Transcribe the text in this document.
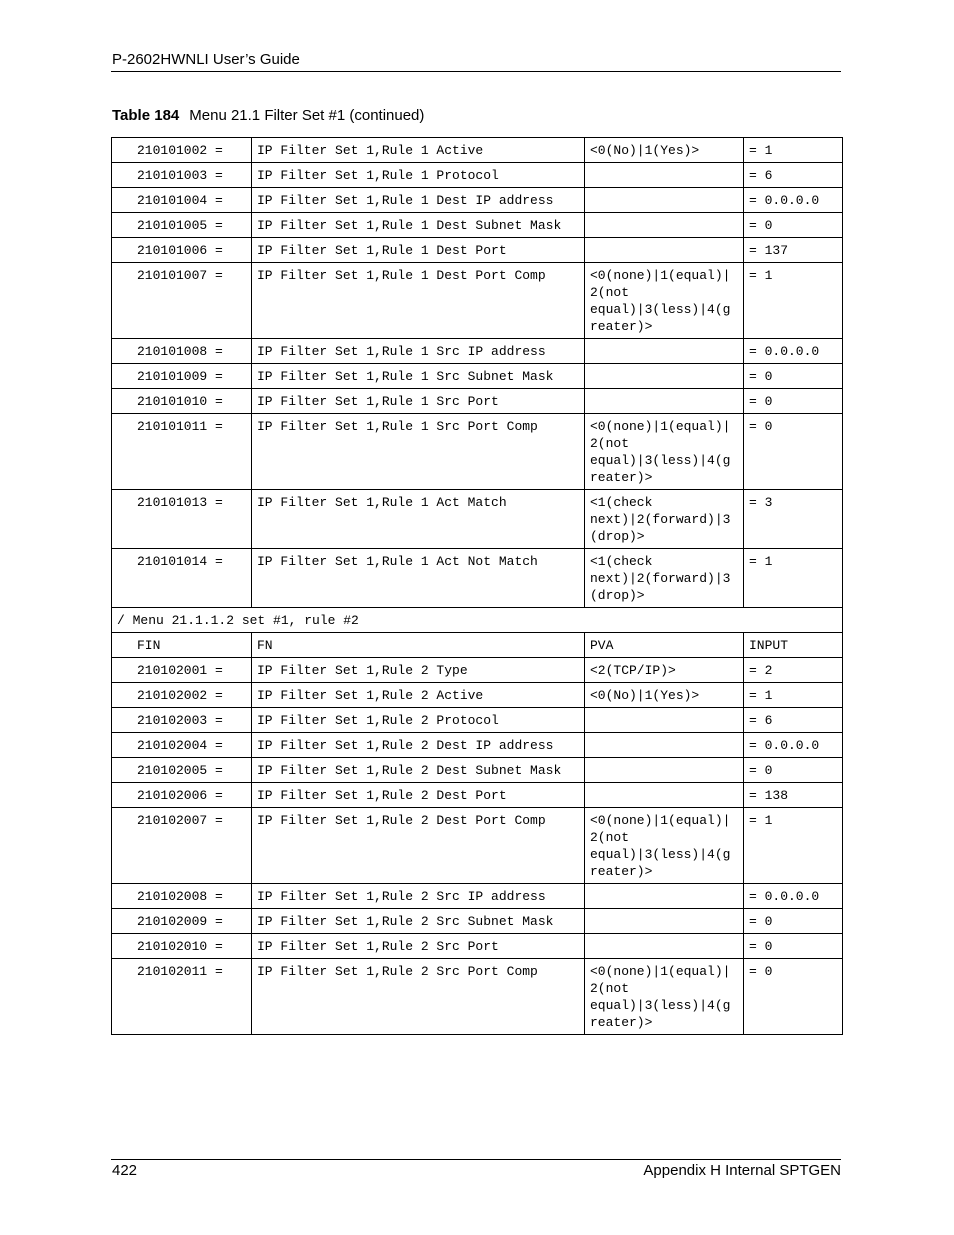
P-2602HWNLI User’s Guide
Table 184 Menu 21.1 Filter Set #1 (continued)
210101002 =	IP Filter Set 1,Rule 1 Active	<0(No)|1(Yes)>	= 1
210101003 =	IP Filter Set 1,Rule 1 Protocol		= 6
210101004 =	IP Filter Set 1,Rule 1 Dest IP address		= 0.0.0.0
210101005 =	IP Filter Set 1,Rule 1 Dest Subnet Mask		= 0
210101006 =	IP Filter Set 1,Rule 1 Dest Port		= 137
210101007 =	IP Filter Set 1,Rule 1 Dest Port Comp	<0(none)|1(equal)|2(not equal)|3(less)|4(greater)>	= 1
210101008 =	IP Filter Set 1,Rule 1 Src IP address		= 0.0.0.0
210101009 =	IP Filter Set 1,Rule 1 Src Subnet Mask		= 0
210101010 =	IP Filter Set 1,Rule 1 Src Port		= 0
210101011 =	IP Filter Set 1,Rule 1 Src Port Comp	<0(none)|1(equal)|2(not equal)|3(less)|4(greater)>	= 0
210101013 =	IP Filter Set 1,Rule 1 Act Match	<1(check next)|2(forward)|3(drop)>	= 3
210101014 =	IP Filter Set 1,Rule 1 Act Not Match	<1(check next)|2(forward)|3(drop)>	= 1
/ Menu 21.1.1.2 set #1, rule #2			
FIN	FN	PVA	INPUT
210102001 =	IP Filter Set 1,Rule 2 Type	<2(TCP/IP)>	= 2
210102002 =	IP Filter Set 1,Rule 2 Active	<0(No)|1(Yes)>	= 1
210102003 =	IP Filter Set 1,Rule 2 Protocol		= 6
210102004 =	IP Filter Set 1,Rule 2 Dest IP address		= 0.0.0.0
210102005 =	IP Filter Set 1,Rule 2 Dest Subnet Mask		= 0
210102006 =	IP Filter Set 1,Rule 2 Dest Port		= 138
210102007 =	IP Filter Set 1,Rule 2 Dest Port Comp	<0(none)|1(equal)|2(not equal)|3(less)|4(greater)>	= 1
210102008 =	IP Filter Set 1,Rule 2 Src IP address		= 0.0.0.0
210102009 =	IP Filter Set 1,Rule 2 Src Subnet Mask		= 0
210102010 =	IP Filter Set 1,Rule 2 Src Port		= 0
210102011 =	IP Filter Set 1,Rule 2 Src Port Comp	<0(none)|1(equal)|2(not equal)|3(less)|4(greater)>	= 0
422	Appendix H Internal SPTGEN
